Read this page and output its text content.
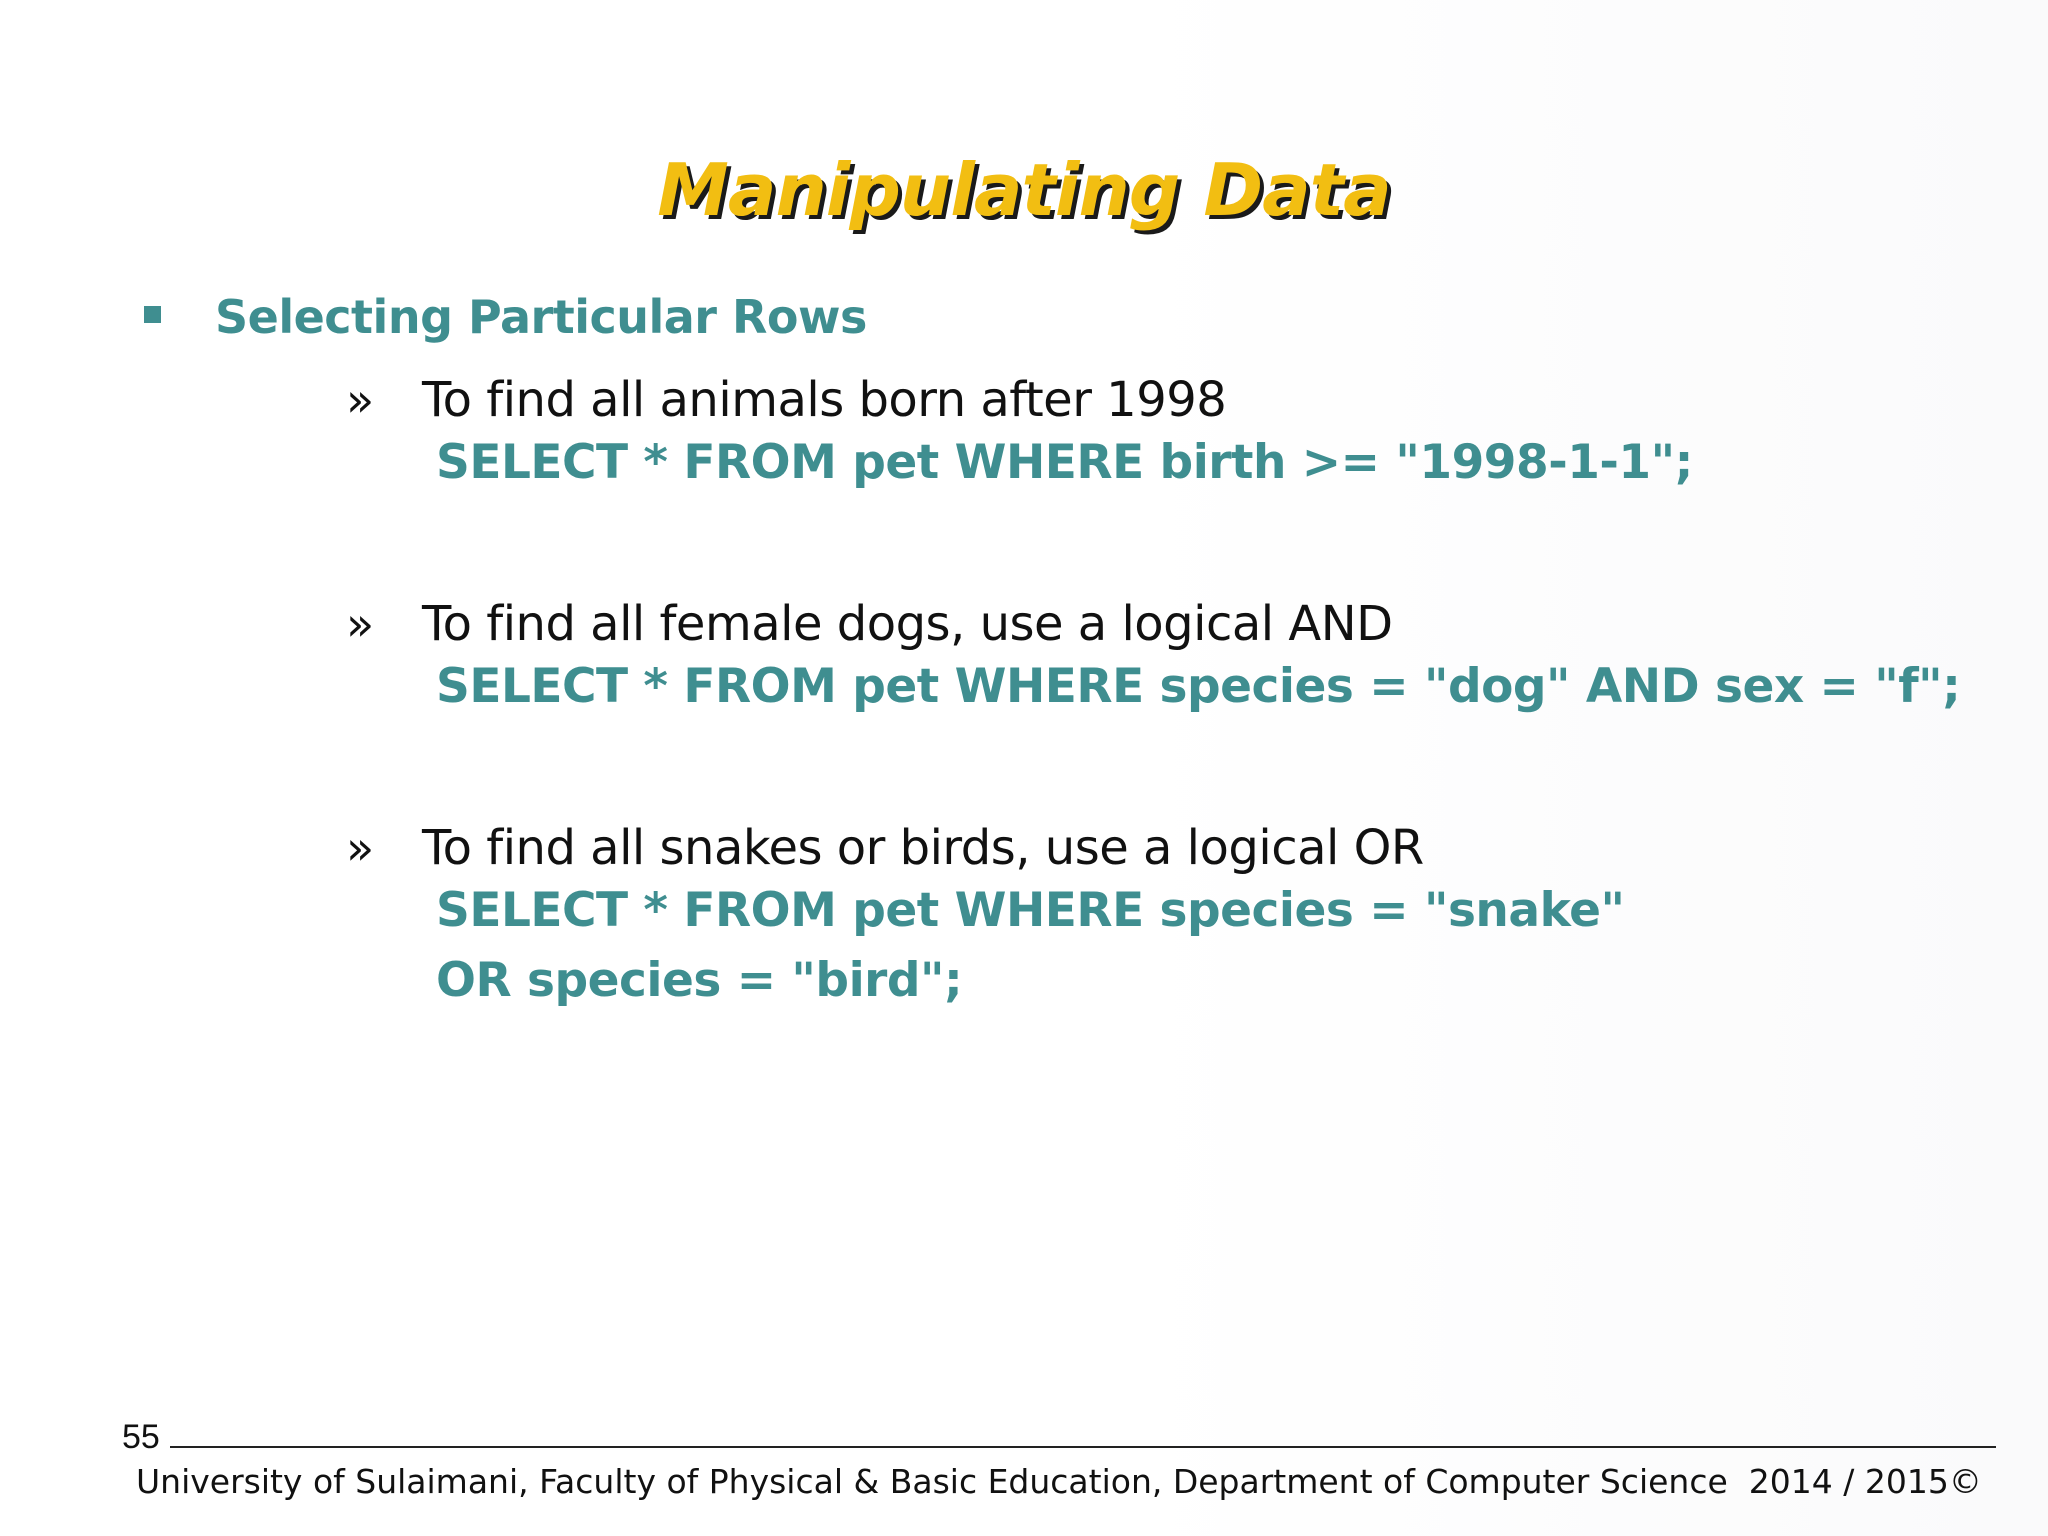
Manipulating Data
Selecting Particular Rows
» To find all animals born after 1998
SELECT * FROM pet WHERE birth >= "1998-1-1";
» To find all female dogs, use a logical AND
SELECT * FROM pet WHERE species = "dog" AND sex = "f";
» To find all snakes or birds, use a logical OR
SELECT * FROM pet WHERE species = "snake"
OR species = "bird";
55
University of Sulaimani, Faculty of Physical & Basic Education, Department of Computer Science  2014 / 2015©
